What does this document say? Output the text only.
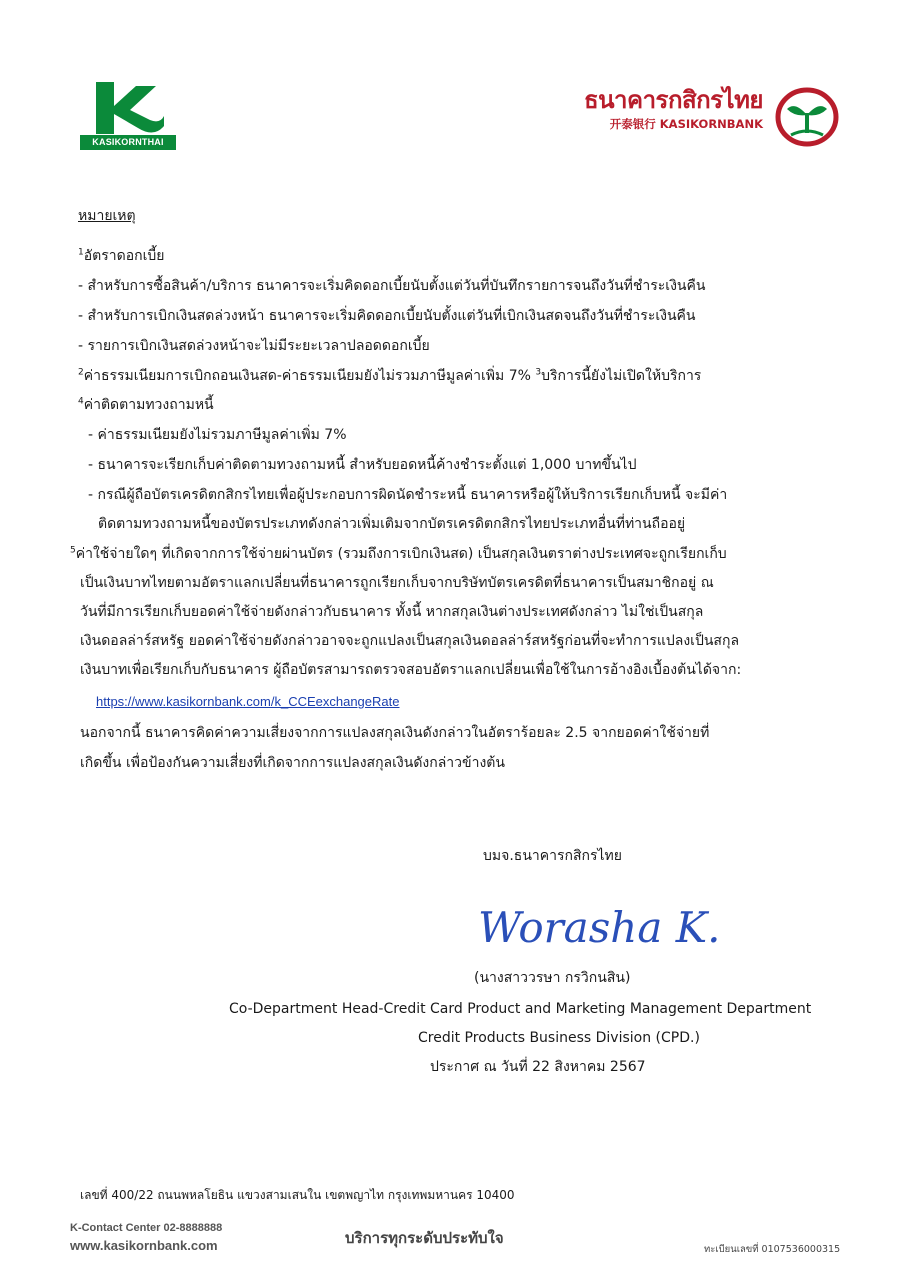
KASIKORNTHAI
ธนาคารกสิกรไทย
开泰银行 KASIKORNBANK
หมายเหตุ
$^1$อัตราดอกเบี้ย
- สำหรับการซื้อสินค้า/บริการ ธนาคารจะเริ่มคิดดอกเบี้ยนับตั้งแต่วันที่บันทึกรายการจนถึงวันที่ชำระเงินคืน
- สำหรับการเบิกเงินสดล่วงหน้า ธนาคารจะเริ่มคิดดอกเบี้ยนับตั้งแต่วันที่เบิกเงินสดจนถึงวันที่ชำระเงินคืน
- รายการเบิกเงินสดล่วงหน้าจะไม่มีระยะเวลาปลอดดอกเบี้ย
$^2$ค่าธรรมเนียมการเบิกถอนเงินสด-ค่าธรรมเนียมยังไม่รวมภาษีมูลค่าเพิ่ม 7% $^3$บริการนี้ยังไม่เปิดให้บริการ
$^4$ค่าติดตามทวงถามหนี้
- ค่าธรรมเนียมยังไม่รวมภาษีมูลค่าเพิ่ม 7%
- ธนาคารจะเรียกเก็บค่าติดตามทวงถามหนี้ สำหรับยอดหนี้ค้างชำระตั้งแต่ 1,000 บาทขึ้นไป
- กรณีผู้ถือบัตรเครดิตกสิกรไทยเพื่อผู้ประกอบการผิดนัดชำระหนี้ ธนาคารหรือผู้ให้บริการเรียกเก็บหนี้ จะมีค่า
ติดตามทวงถามหนี้ของบัตรประเภทดังกล่าวเพิ่มเติมจากบัตรเครดิตกสิกรไทยประเภทอื่นที่ท่านถืออยู่
$^5$ค่าใช้จ่ายใดๆ ที่เกิดจากการใช้จ่ายผ่านบัตร (รวมถึงการเบิกเงินสด) เป็นสกุลเงินตราต่างประเทศจะถูกเรียกเก็บ
เป็นเงินบาทไทยตามอัตราแลกเปลี่ยนที่ธนาคารถูกเรียกเก็บจากบริษัทบัตรเครดิตที่ธนาคารเป็นสมาชิกอยู่ ณ
วันที่มีการเรียกเก็บยอดค่าใช้จ่ายดังกล่าวกับธนาคาร ทั้งนี้ หากสกุลเงินต่างประเทศดังกล่าว ไม่ใช่เป็นสกุล
เงินดอลล่าร์สหรัฐ ยอดค่าใช้จ่ายดังกล่าวอาจจะถูกแปลงเป็นสกุลเงินดอลล่าร์สหรัฐก่อนที่จะทำการแปลงเป็นสกุล
เงินบาทเพื่อเรียกเก็บกับธนาคาร ผู้ถือบัตรสามารถตรวจสอบอัตราแลกเปลี่ยนเพื่อใช้ในการอ้างอิงเบื้องต้นได้จาก:
https://www.kasikornbank.com/k_CCEexchangeRate
นอกจากนี้ ธนาคารคิดค่าความเสี่ยงจากการแปลงสกุลเงินดังกล่าวในอัตราร้อยละ 2.5 จากยอดค่าใช้จ่ายที่
เกิดขึ้น เพื่อป้องกันความเสี่ยงที่เกิดจากการแปลงสกุลเงินดังกล่าวข้างต้น
บมจ.ธนาคารกสิกรไทย
Worasha K.
(นางสาววรษา กรวิกนสิน)
Co-Department Head-Credit Card Product and Marketing Management Department
Credit Products Business Division (CPD.)
ประกาศ ณ วันที่ 22 สิงหาคม 2567
เลขที่ 400/22 ถนนพหลโยธิน แขวงสามเสนใน เขตพญาไท กรุงเทพมหานคร 10400
K-Contact Center 02-8888888
www.kasikornbank.com	บริการทุกระดับประทับใจ
ทะเบียนเลขที่ 0107536000315
